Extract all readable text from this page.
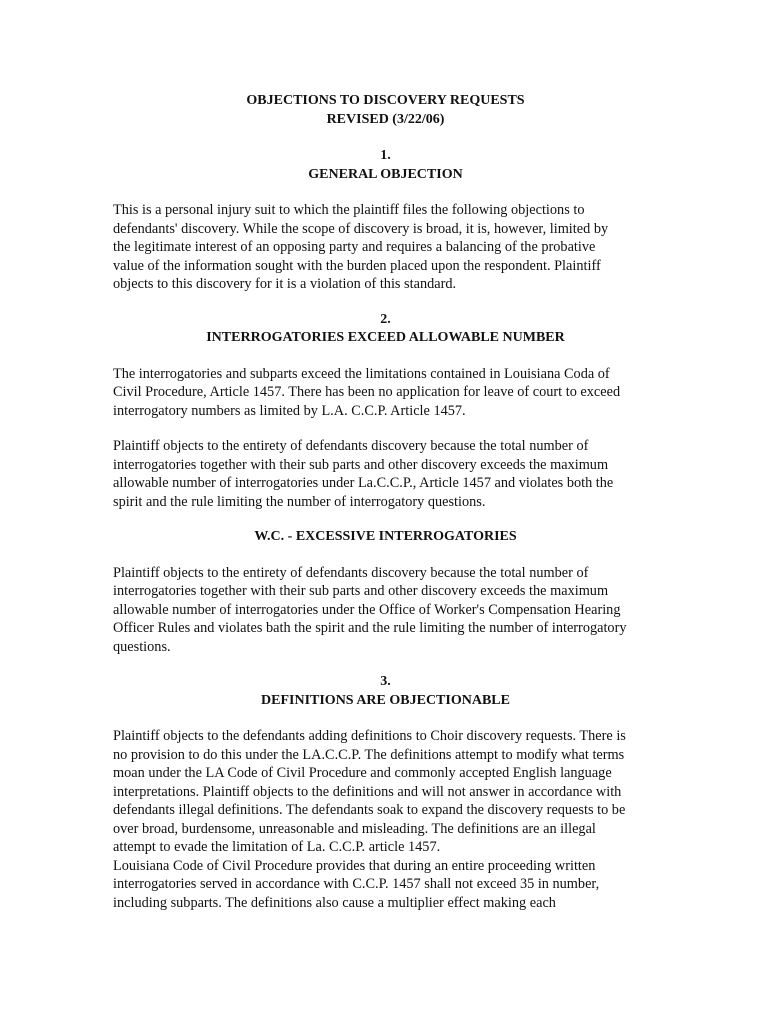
OBJECTIONS TO DISCOVERY REQUESTS
REVISED (3/22/06)
1.
GENERAL OBJECTION

This is a personal injury suit to which the plaintiff files the following objections to
defendants' discovery. While the scope of discovery is broad, it is, however, limited by
the legitimate interest of an opposing party and requires a balancing of the probative
value of the information sought with the burden placed upon the respondent. Plaintiff
objects to this discovery for it is a violation of this standard.

2.
INTERROGATORIES EXCEED ALLOWABLE NUMBER

The interrogatories and subparts exceed the limitations contained in Louisiana Coda of
Civil Procedure, Article 1457. There has been no application for leave of court to exceed
interrogatory numbers as limited by L.A. C.C.P. Article 1457.

Plaintiff objects to the entirety of defendants discovery because the total number of
interrogatories together with their sub parts and other discovery exceeds the maximum
allowable number of interrogatories under La.C.C.P., Article 1457 and violates both the
spirit and the rule limiting the number of interrogatory questions.

W.C. - EXCESSIVE INTERROGATORIES

Plaintiff objects to the entirety of defendants discovery because the total number of
interrogatories together with their sub parts and other discovery exceeds the maximum
allowable number of interrogatories under the Office of Worker's Compensation Hearing
Officer Rules and violates bath the spirit and the rule limiting the number of interrogatory
questions.

3.
DEFINITIONS ARE OBJECTIONABLE

Plaintiff objects to the defendants adding definitions to Choir discovery requests. There is
no provision to do this under the LA.C.C.P. The definitions attempt to modify what terms
moan under the LA Code of Civil Procedure and commonly accepted English language
interpretations. Plaintiff objects to the definitions and will not answer in accordance with
defendants illegal definitions. The defendants soak to expand the discovery requests to be
over broad, burdensome, unreasonable and misleading. The definitions are an illegal
attempt to evade the limitation of La. C.C.P. article 1457.
Louisiana Code of Civil Procedure provides that during an entire proceeding written
interrogatories served in accordance with C.C.P. 1457 shall not exceed 35 in number,
including subparts. The definitions also cause a multiplier effect making each
